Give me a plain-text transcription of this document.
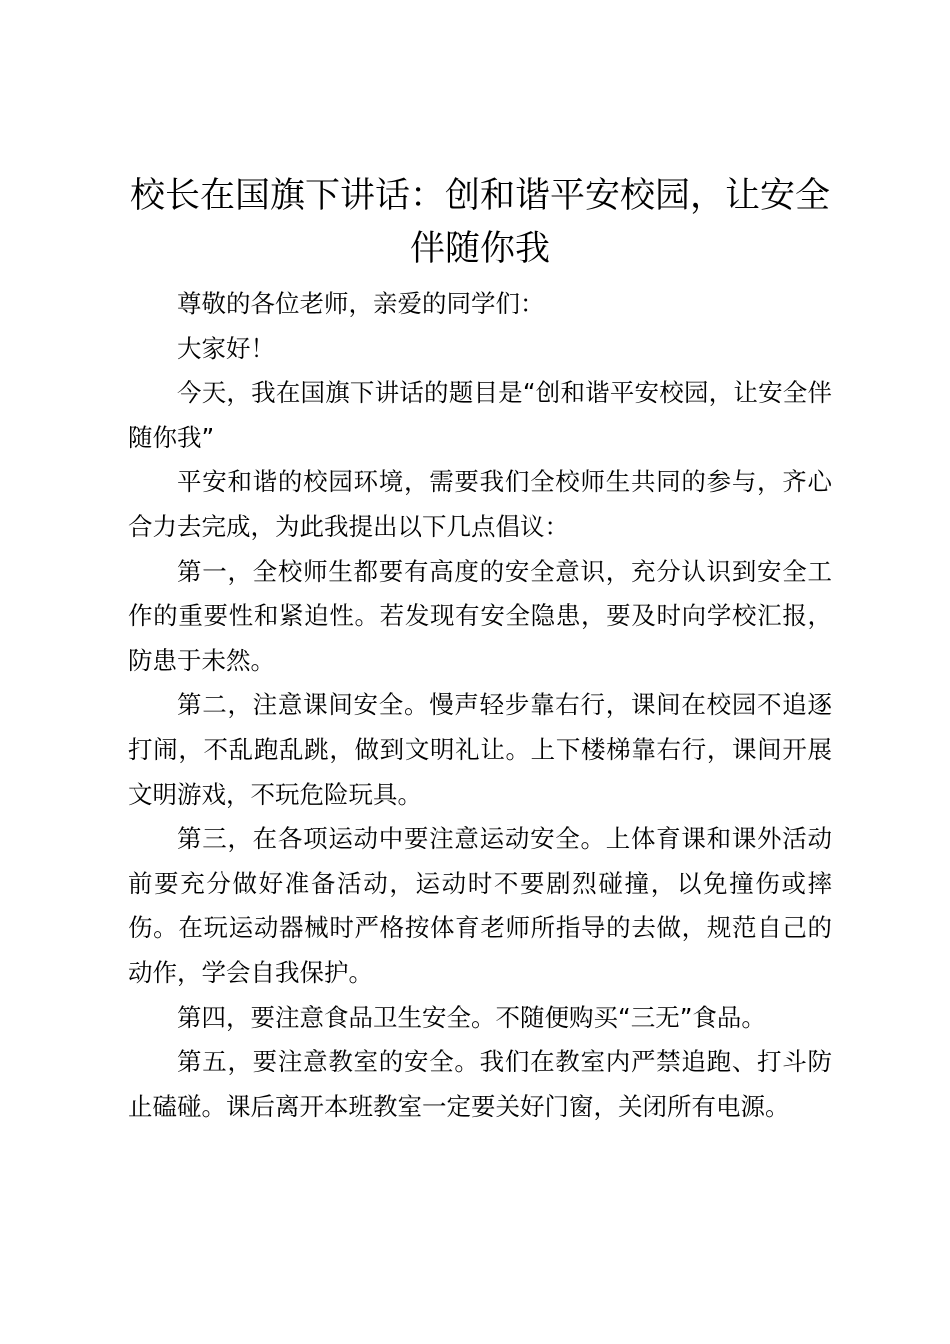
校长在国旗下讲话：创和谐平安校园，让安全伴随你我

尊敬的各位老师，亲爱的同学们：

大家好！

今天，我在国旗下讲话的题目是“创和谐平安校园，让安全伴随你我”

平安和谐的校园环境，需要我们全校师生共同的参与，齐心合力去完成，为此我提出以下几点倡议：

第一，全校师生都要有高度的安全意识，充分认识到安全工作的重要性和紧迫性。若发现有安全隐患，要及时向学校汇报，防患于未然。

第二，注意课间安全。慢声轻步靠右行，课间在校园不追逐打闹，不乱跑乱跳，做到文明礼让。上下楼梯靠右行，课间开展文明游戏，不玩危险玩具。

第三，在各项运动中要注意运动安全。上体育课和课外活动前要充分做好准备活动，运动时不要剧烈碰撞，以免撞伤或摔伤。在玩运动器械时严格按体育老师所指导的去做，规范自己的动作，学会自我保护。

第四，要注意食品卫生安全。不随便购买“三无”食品。

第五，要注意教室的安全。我们在教室内严禁追跑、打斗防止磕碰。课后离开本班教室一定要关好门窗，关闭所有电源。
